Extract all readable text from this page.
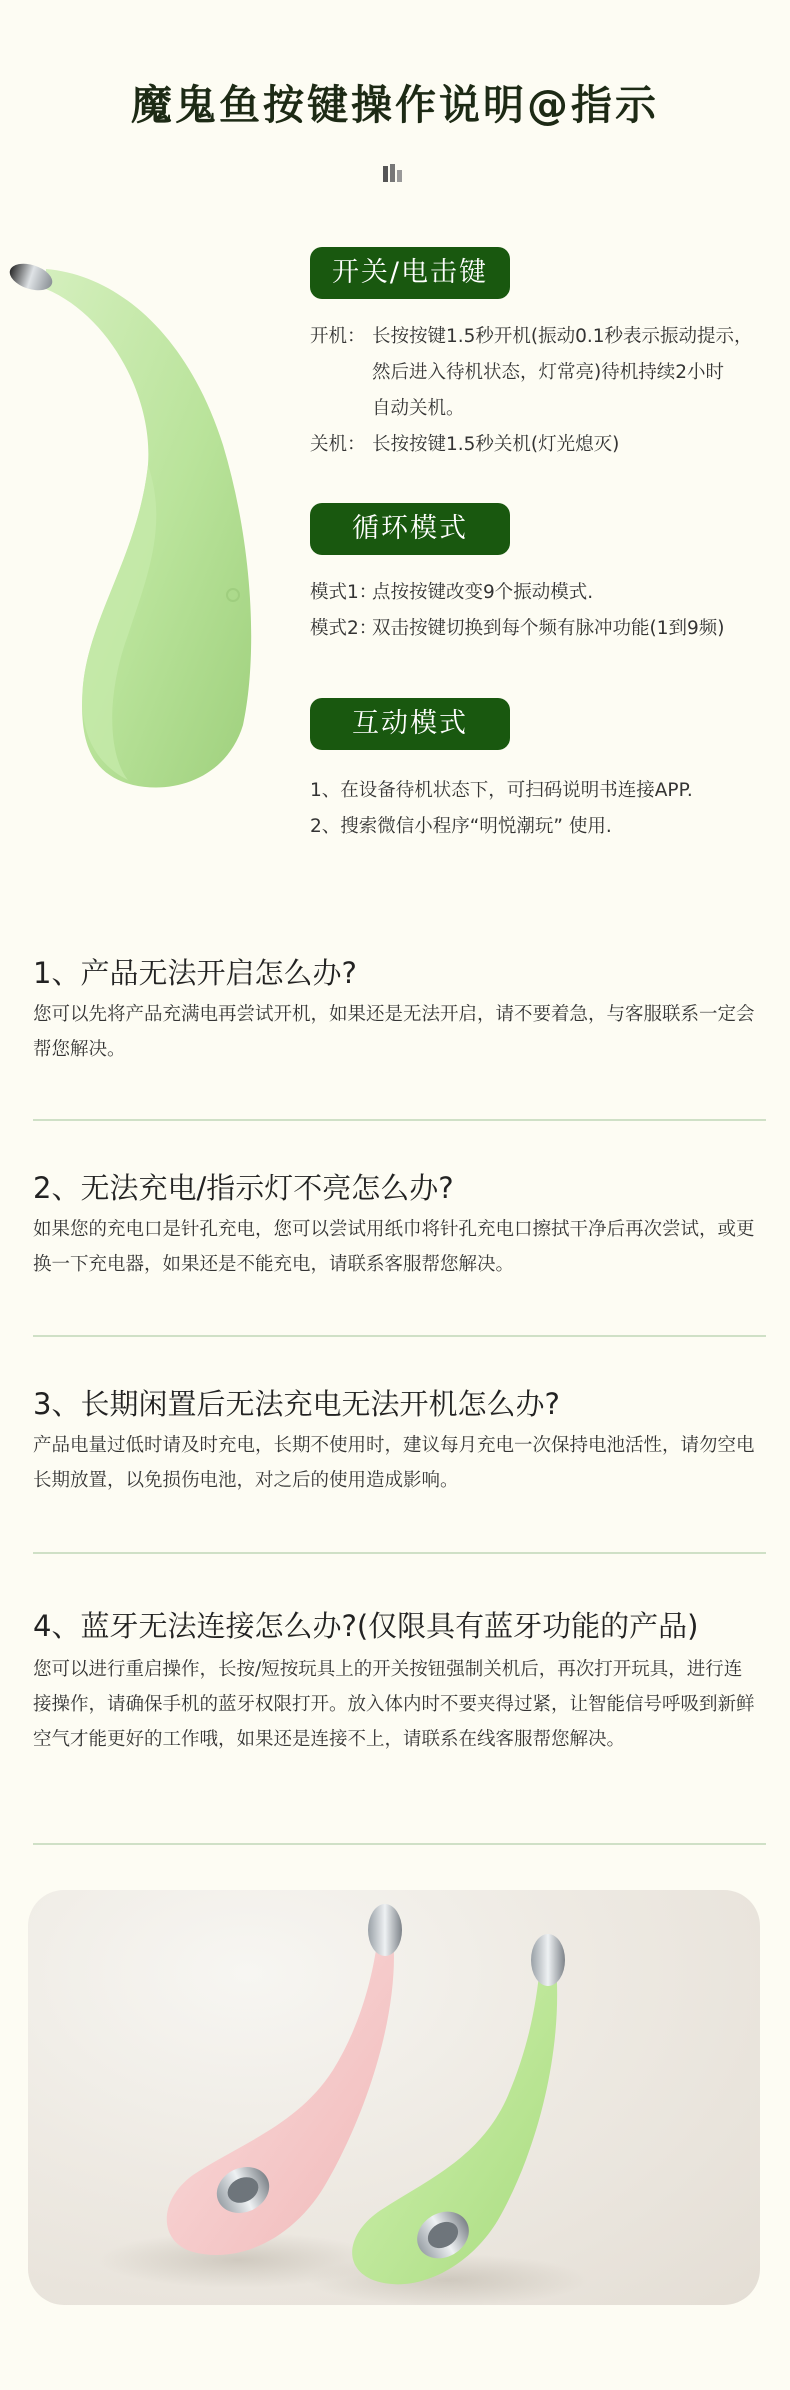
魔鬼鱼按键操作说明@指示
开关/电击键
开机： 长按按键1.5秒开机(振动0.1秒表示振动提示，
然后进入待机状态，灯常亮)待机持续2小时
自动关机。
关机： 长按按键1.5秒关机(灯光熄灭)
循环模式
模式1：点按按键改变9个振动模式.
模式2：双击按键切换到每个频有脉冲功能(1到9频)
互动模式
1、在设备待机状态下，可扫码说明书连接APP.
2、搜索微信小程序“明悦潮玩” 使用.
1、产品无法开启怎么办?
您可以先将产品充满电再尝试开机，如果还是无法开启，请不要着急，与客服联系一定会帮您解决。
2、无法充电/指示灯不亮怎么办?
如果您的充电口是针孔充电，您可以尝试用纸巾将针孔充电口擦拭干净后再次尝试，或更换一下充电器，如果还是不能充电，请联系客服帮您解决。
3、长期闲置后无法充电无法开机怎么办?
产品电量过低时请及时充电，长期不使用时，建议每月充电一次保持电池活性，请勿空电长期放置，以免损伤电池，对之后的使用造成影响。
4、蓝牙无法连接怎么办?(仅限具有蓝牙功能的产品)
您可以进行重启操作，长按/短按玩具上的开关按钮强制关机后，再次打开玩具，进行连接操作，请确保手机的蓝牙权限打开。放入体内时不要夹得过紧，让智能信号呼吸到新鲜空气才能更好的工作哦，如果还是连接不上，请联系在线客服帮您解决。
